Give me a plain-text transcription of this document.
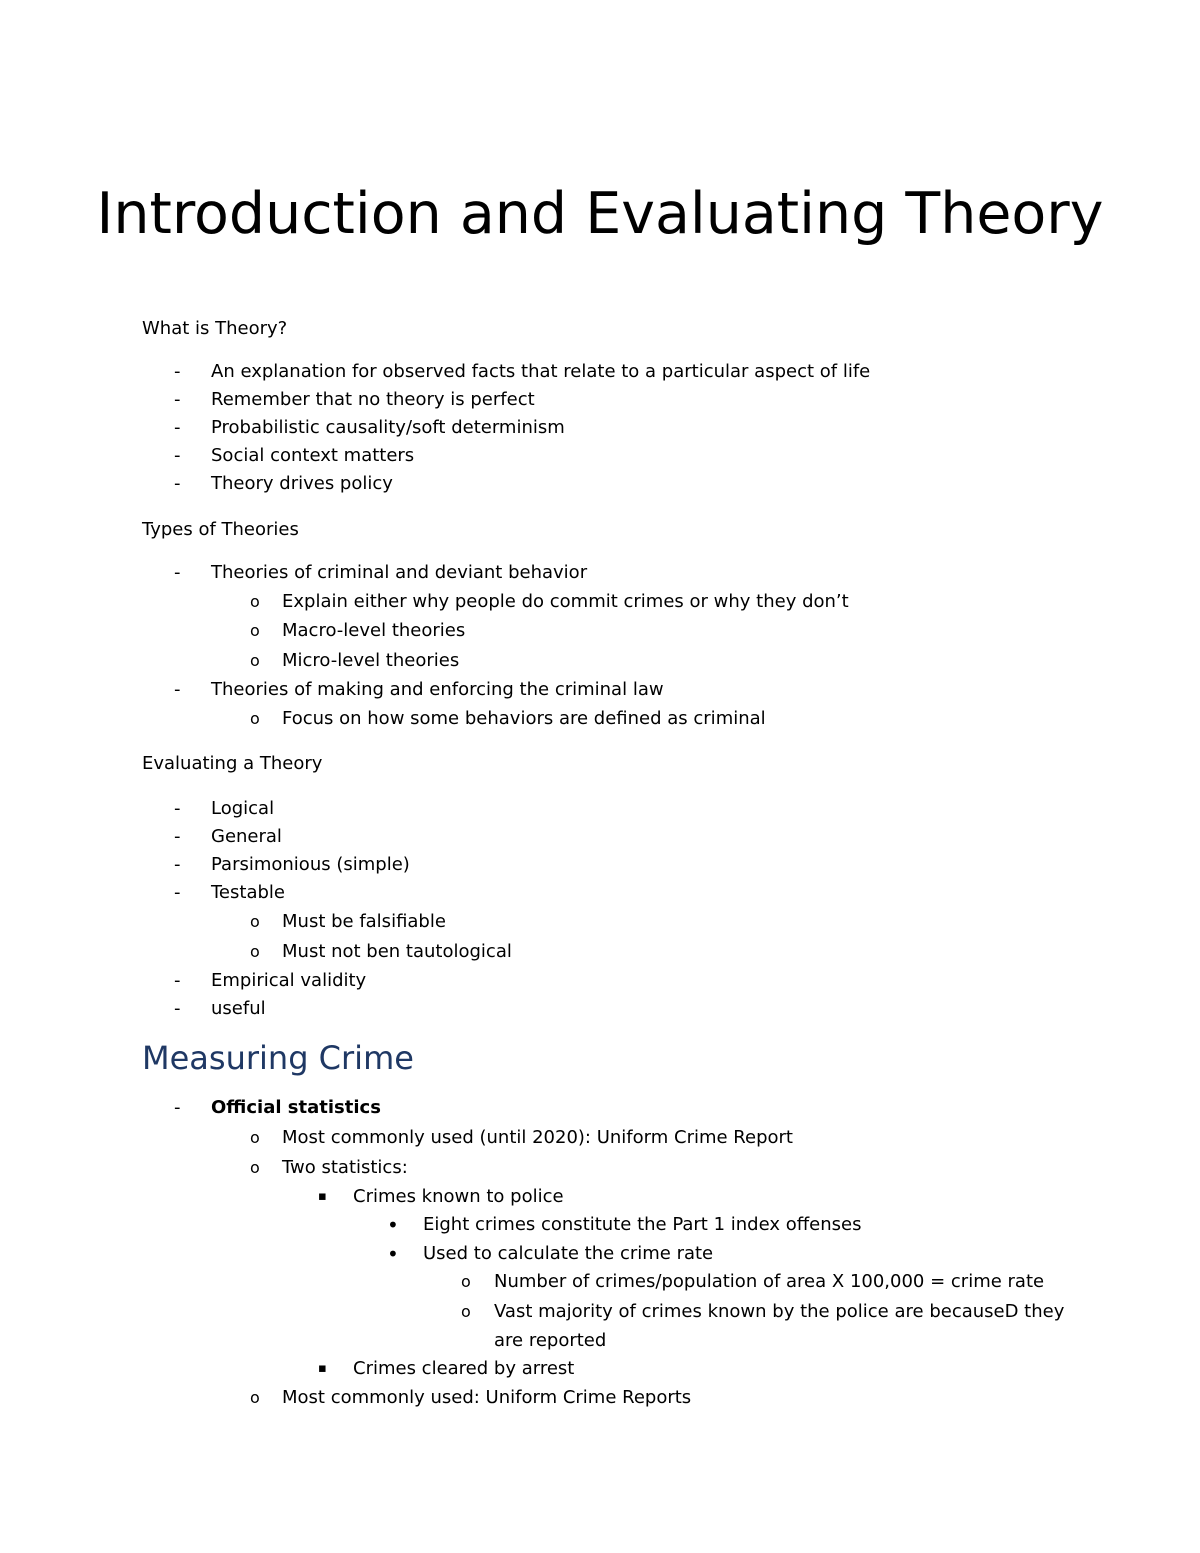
Introduction and Evaluating Theory
What is Theory?
-	An explanation for observed facts that relate to a particular aspect of life
-	Remember that no theory is perfect
-	Probabilistic causality/soft determinism
-	Social context matters
-	Theory drives policy
Types of Theories
-	Theories of criminal and deviant behavior
o Explain either why people do commit crimes or why they don’t
o Macro-level theories
o Micro-level theories
-	Theories of making and enforcing the criminal law
o Focus on how some behaviors are defined as criminal
Evaluating a Theory
-	Logical
-	General
-	Parsimonious (simple)
-	Testable
o Must be falsifiable
o Must not ben tautological
-	Empirical validity
-	useful
Measuring Crime
-	Official statistics
o Most commonly used (until 2020): Uniform Crime Report
o Two statistics:
▪ Crimes known to police
• Eight crimes constitute the Part 1 index offenses
• Used to calculate the crime rate
o Number of crimes/population of area X 100,000 = crime rate
o Vast majority of crimes known by the police are becauseD they
are reported
▪ Crimes cleared by arrest
o Most commonly used: Uniform Crime Reports
